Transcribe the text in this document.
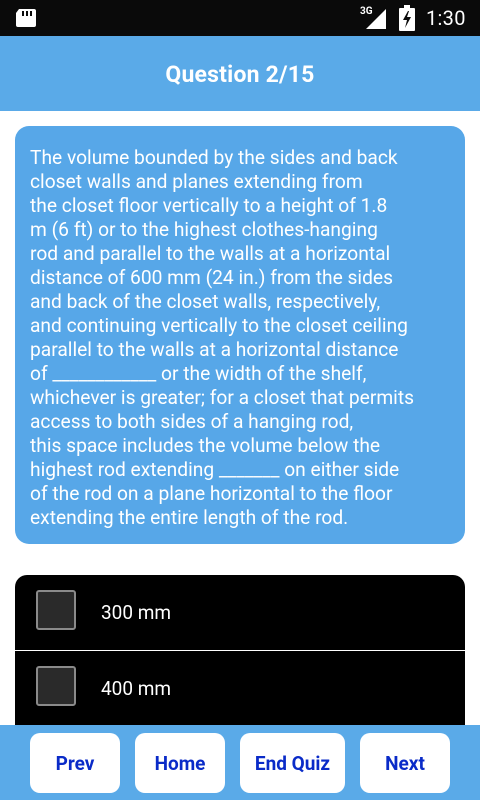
3G	1:30
Question 2/15

The volume bounded by the sides and back
closet walls and planes extending from
the closet floor vertically to a height of 1.8
m (6 ft) or to the highest clothes-hanging
rod and parallel to the walls at a horizontal
distance of 600 mm (24 in.) from the sides
and back of the closet walls, respectively,
and continuing vertically to the closet ceiling
parallel to the walls at a horizontal distance
of ____________ or the width of the shelf,
whichever is greater; for a closet that permits
access to both sides of a hanging rod,
this space includes the volume below the
highest rod extending _______ on either side
of the rod on a plane horizontal to the floor
extending the entire length of the rod.

300 mm
400 mm
Prev	Home	End Quiz	Next
